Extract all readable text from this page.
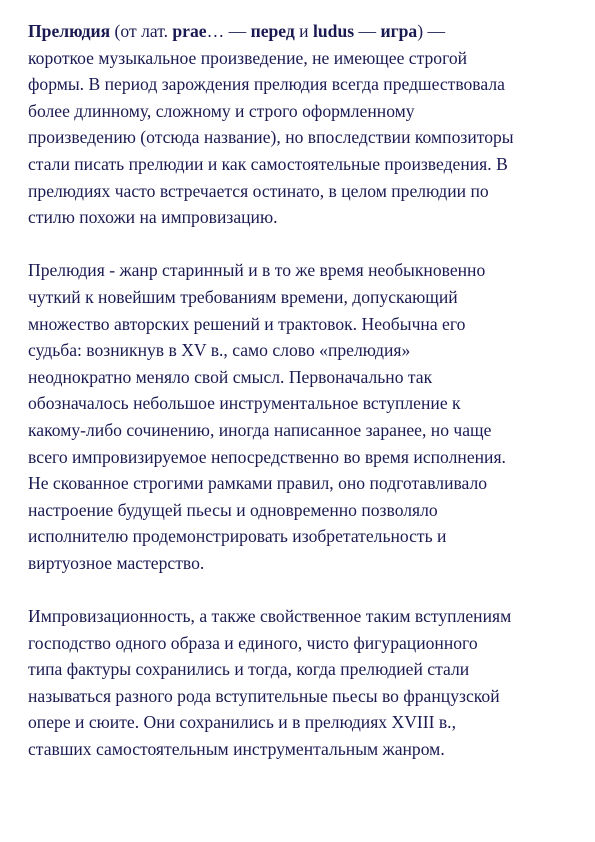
Прелюдия (от лат. prae… — перед и ludus — игра) —
короткое музыкальное произведение, не имеющее строгой
формы. В период зарождения прелюдия всегда предшествовала
более длинному, сложному и строго оформленному
произведению (отсюда название), но впоследствии композиторы
стали писать прелюдии и как самостоятельные произведения. В
прелюдиях часто встречается остинато, в целом прелюдии по
стилю похожи на импровизацию.

Прелюдия - жанр старинный и в то же время необыкновенно
чуткий к новейшим требованиям времени, допускающий
множество авторских решений и трактовок. Необычна его
судьба: возникнув в XV в., само слово «прелюдия»
неоднократно меняло свой смысл. Первоначально так
обозначалось небольшое инструментальное вступление к
какому-либо сочинению, иногда написанное заранее, но чаще
всего импровизируемое непосредственно во время исполнения.
Не скованное строгими рамками правил, оно подготавливало
настроение будущей пьесы и одновременно позволяло
исполнителю продемонстрировать изобретательность и
виртуозное мастерство.

Импровизационность, а также свойственное таким вступлениям
господство одного образа и единого, чисто фигурационного
типа фактуры сохранились и тогда, когда прелюдией стали
называться разного рода вступительные пьесы во французской
опере и сюите. Они сохранились и в прелюдиях XVIII в.,
ставших самостоятельным инструментальным жанром.
